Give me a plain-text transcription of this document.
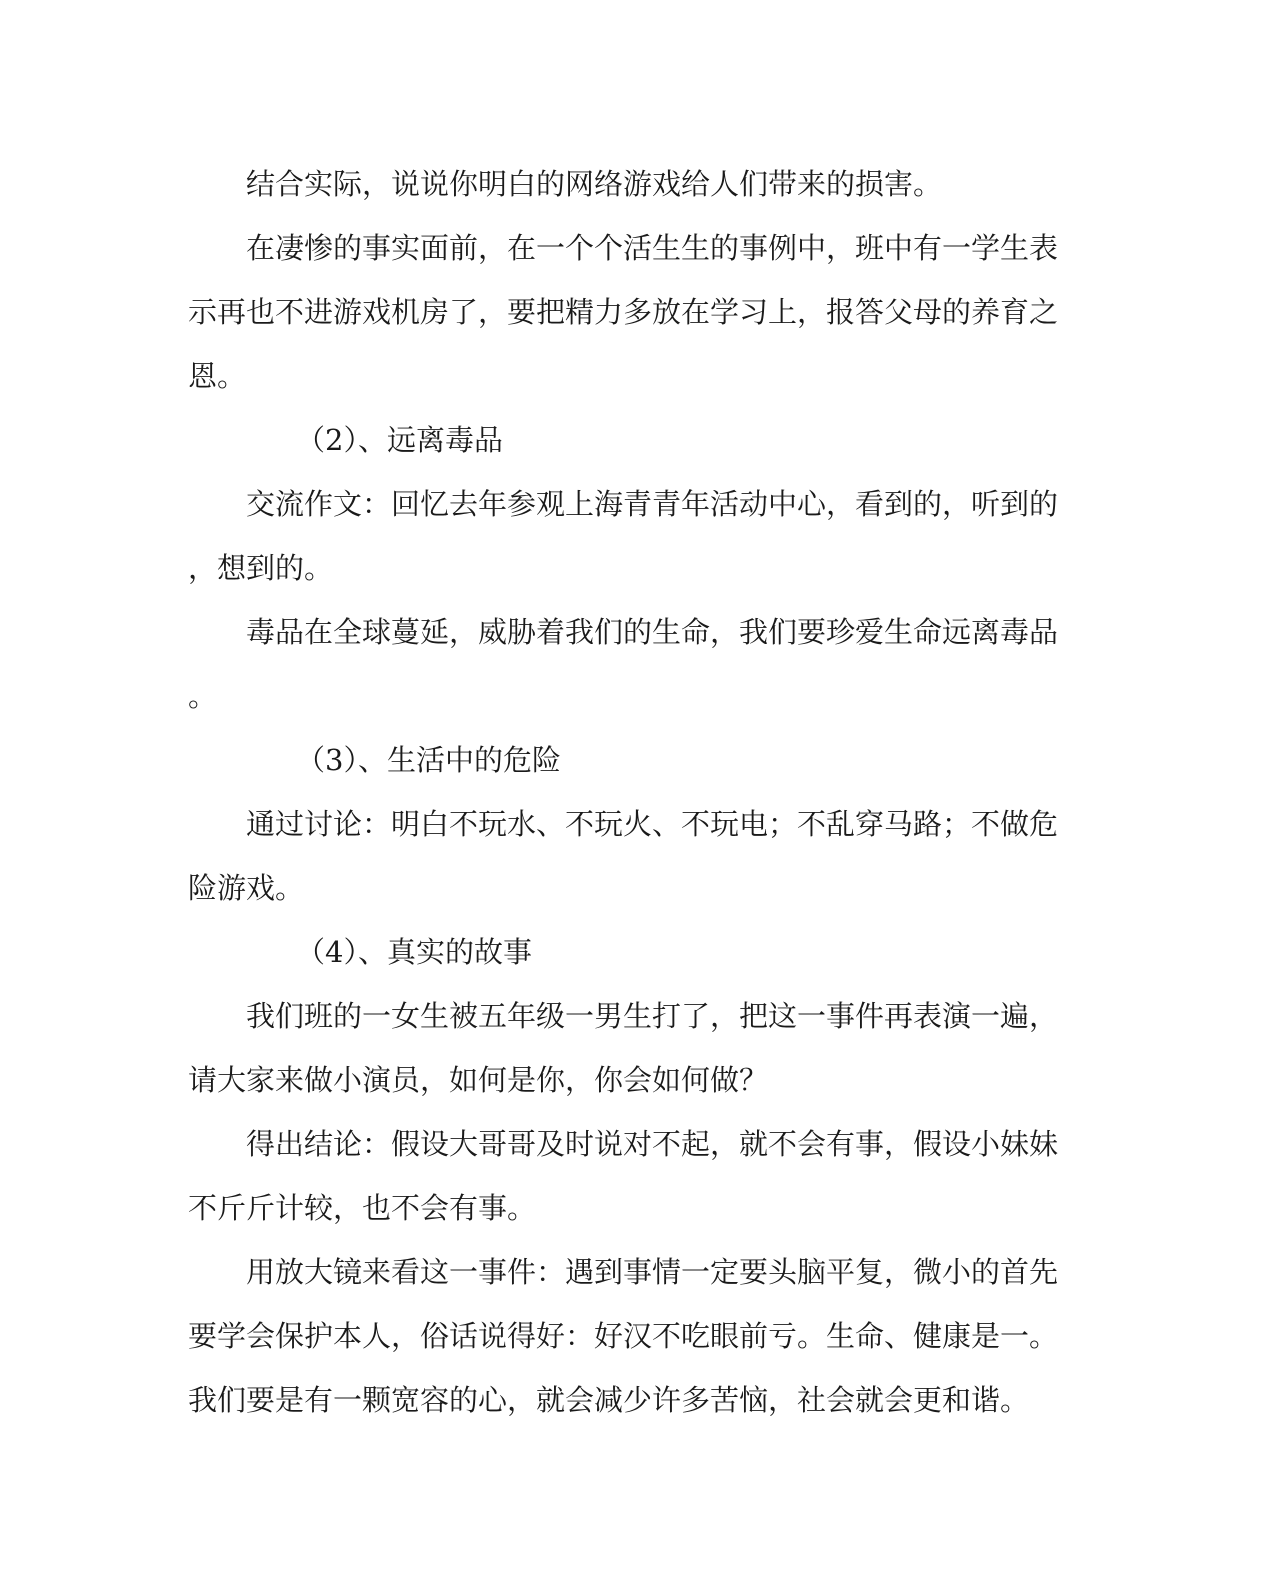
结合实际，说说你明白的网络游戏给人们带来的损害。
在凄惨的事实面前，在一个个活生生的事例中，班中有一学生表
示再也不进游戏机房了，要把精力多放在学习上，报答父母的养育之
恩。
（2）、远离毒品
交流作文：回忆去年参观上海青青年活动中心，看到的，听到的
，想到的。
毒品在全球蔓延，威胁着我们的生命，我们要珍爱生命远离毒品
。
（3）、生活中的危险
通过讨论：明白不玩水、不玩火、不玩电；不乱穿马路；不做危
险游戏。
（4）、真实的故事
我们班的一女生被五年级一男生打了，把这一事件再表演一遍，
请大家来做小演员，如何是你，你会如何做？
得出结论：假设大哥哥及时说对不起，就不会有事，假设小妹妹
不斤斤计较，也不会有事。
用放大镜来看这一事件：遇到事情一定要头脑平复，微小的首先
要学会保护本人，俗话说得好：好汉不吃眼前亏。生命、健康是一。
我们要是有一颗宽容的心，就会减少许多苦恼，社会就会更和谐。
